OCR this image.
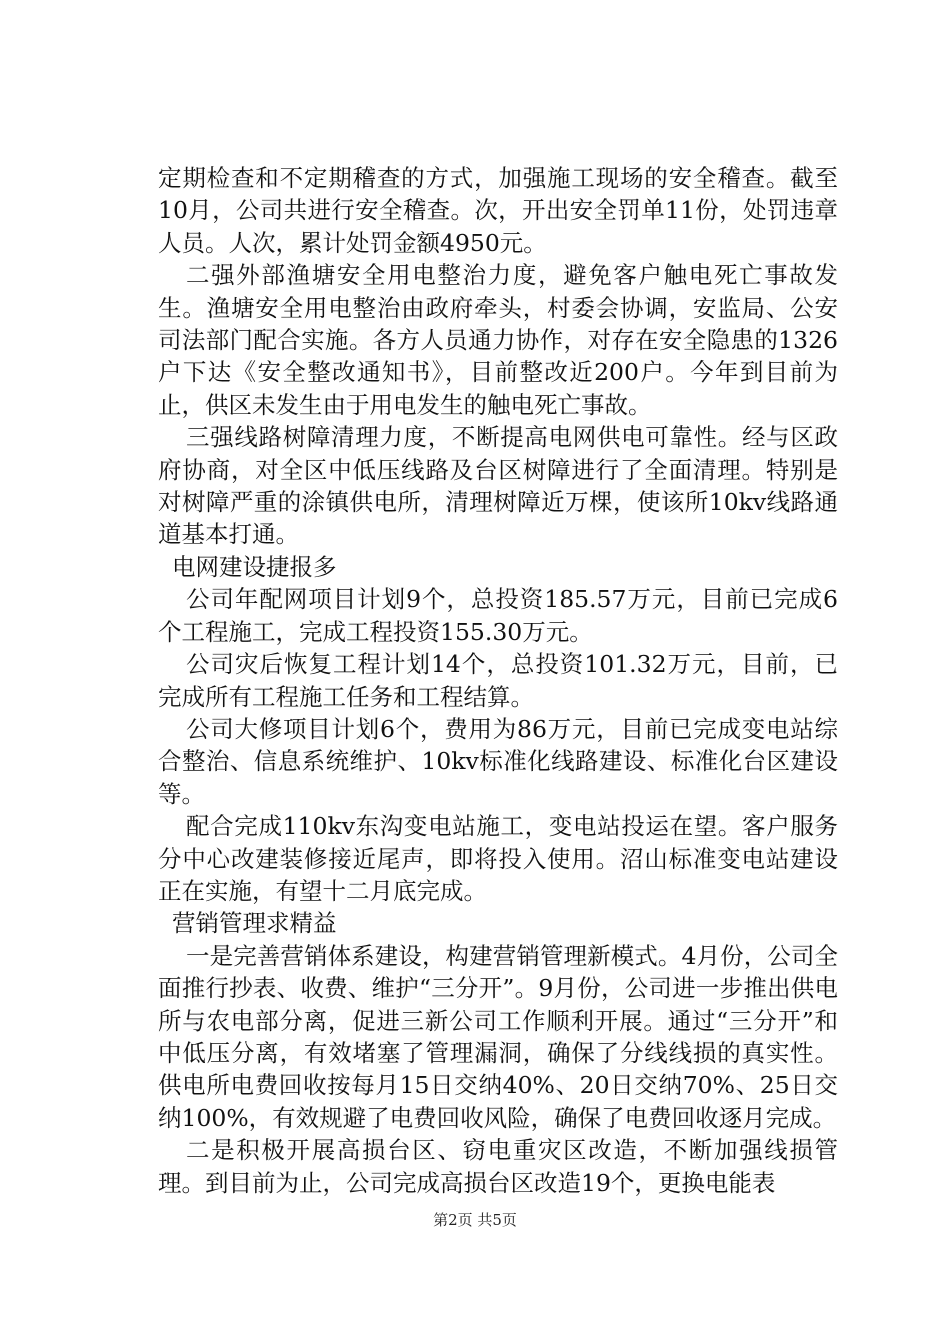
定期检查和不定期稽查的方式，加强施工现场的安全稽查。截至10月，公司共进行安全稽查。次，开出安全罚单11份，处罚违章人员。人次，累计处罚金额4950元。

二强外部渔塘安全用电整治力度，避免客户触电死亡事故发生。渔塘安全用电整治由政府牵头，村委会协调，安监局、公安司法部门配合实施。各方人员通力协作，对存在安全隐患的1326户下达《安全整改通知书》，目前整改近200户。今年到目前为止，供区未发生由于用电发生的触电死亡事故。

三强线路树障清理力度，不断提高电网供电可靠性。经与区政府协商，对全区中低压线路及台区树障进行了全面清理。特别是对树障严重的涂镇供电所，清理树障近万棵，使该所10kv线路通道基本打通。

电网建设捷报多

公司年配网项目计划9个，总投资185.57万元，目前已完成6个工程施工，完成工程投资155.30万元。

公司灾后恢复工程计划14个，总投资101.32万元，目前，已完成所有工程施工任务和工程结算。

公司大修项目计划6个，费用为86万元，目前已完成变电站综合整治、信息系统维护、10kv标准化线路建设、标准化台区建设等。

配合完成110kv东沟变电站施工，变电站投运在望。客户服务分中心改建装修接近尾声，即将投入使用。沼山标准变电站建设正在实施，有望十二月底完成。

营销管理求精益

一是完善营销体系建设，构建营销管理新模式。4月份，公司全面推行抄表、收费、维护“三分开”。9月份，公司进一步推出供电所与农电部分离，促进三新公司工作顺利开展。通过“三分开”和中低压分离，有效堵塞了管理漏洞，确保了分线线损的真实性。供电所电费回收按每月15日交纳40%、20日交纳70%、25日交纳100%，有效规避了电费回收风险，确保了电费回收逐月完成。

二是积极开展高损台区、窃电重灾区改造，不断加强线损管理。到目前为止，公司完成高损台区改造19个，更换电能表

第2页 共5页
